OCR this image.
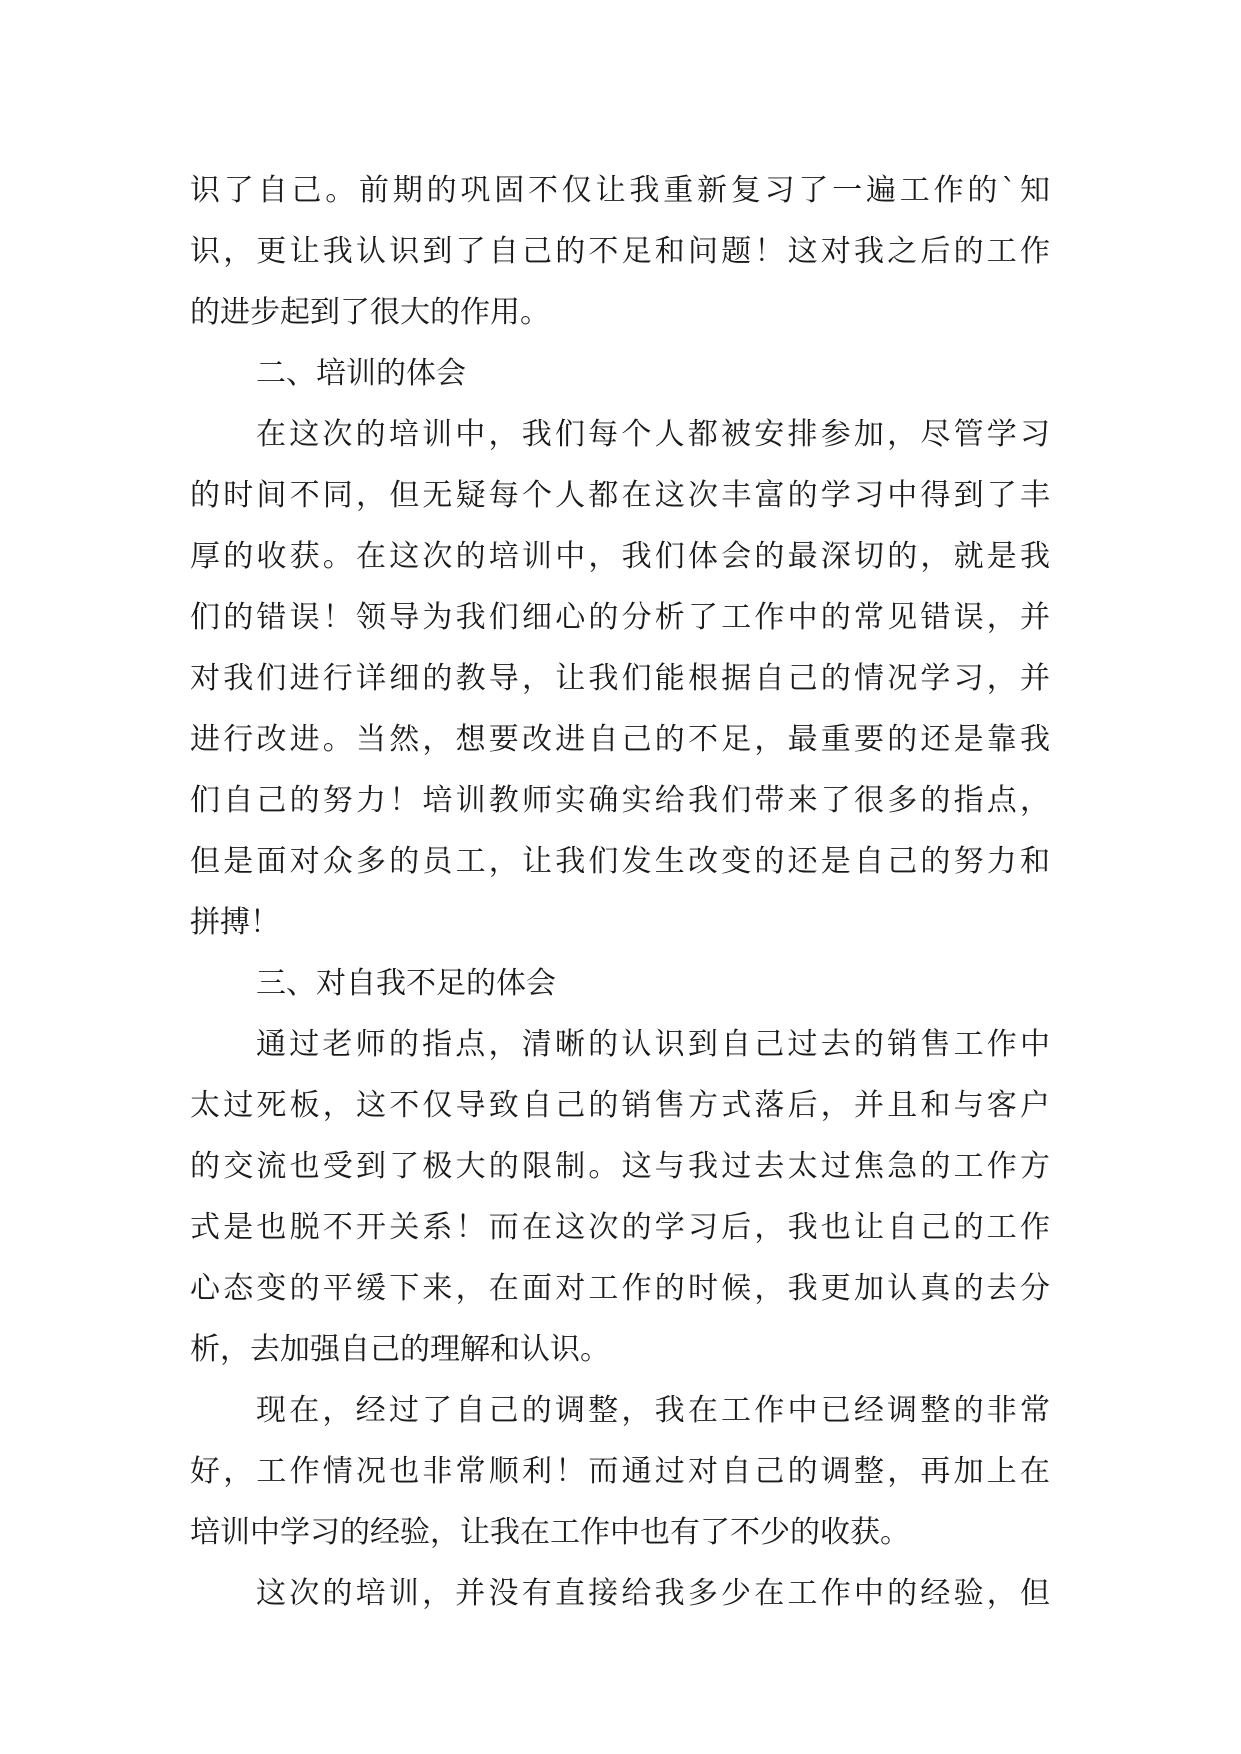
识了自己。前期的巩固不仅让我重新复习了一遍工作的`知
识，更让我认识到了自己的不足和问题！这对我之后的工作
的进步起到了很大的作用。
二、培训的体会
在这次的培训中，我们每个人都被安排参加，尽管学习
的时间不同，但无疑每个人都在这次丰富的学习中得到了丰
厚的收获。在这次的培训中，我们体会的最深切的，就是我
们的错误！领导为我们细心的分析了工作中的常见错误，并
对我们进行详细的教导，让我们能根据自己的情况学习，并
进行改进。当然，想要改进自己的不足，最重要的还是靠我
们自己的努力！培训教师实确实给我们带来了很多的指点，
但是面对众多的员工，让我们发生改变的还是自己的努力和
拼搏！
三、对自我不足的体会
通过老师的指点，清晰的认识到自己过去的销售工作中
太过死板，这不仅导致自己的销售方式落后，并且和与客户
的交流也受到了极大的限制。这与我过去太过焦急的工作方
式是也脱不开关系！而在这次的学习后，我也让自己的工作
心态变的平缓下来，在面对工作的时候，我更加认真的去分
析，去加强自己的理解和认识。
现在，经过了自己的调整，我在工作中已经调整的非常
好，工作情况也非常顺利！而通过对自己的调整，再加上在
培训中学习的经验，让我在工作中也有了不少的收获。
这次的培训，并没有直接给我多少在工作中的经验，但
